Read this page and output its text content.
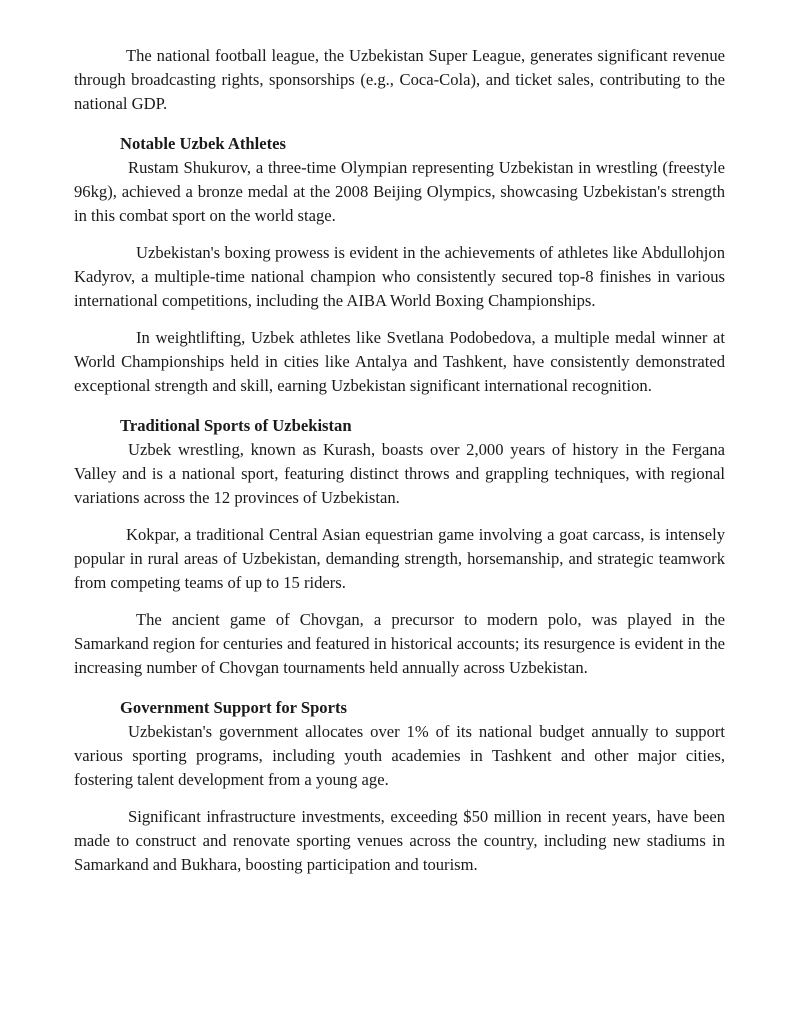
The national football league, the Uzbekistan Super League, generates significant revenue through broadcasting rights, sponsorships (e.g., Coca-Cola), and ticket sales, contributing to the national GDP.

Notable Uzbek Athletes

Rustam Shukurov, a three-time Olympian representing Uzbekistan in wrestling (freestyle 96kg), achieved a bronze medal at the 2008 Beijing Olympics, showcasing Uzbekistan's strength in this combat sport on the world stage.

Uzbekistan's boxing prowess is evident in the achievements of athletes like Abdullohjon Kadyrov, a multiple-time national champion who consistently secured top-8 finishes in various international competitions, including the AIBA World Boxing Championships.

In weightlifting, Uzbek athletes like Svetlana Podobedova, a multiple medal winner at World Championships held in cities like Antalya and Tashkent, have consistently demonstrated exceptional strength and skill, earning Uzbekistan significant international recognition.

Traditional Sports of Uzbekistan

Uzbek wrestling, known as Kurash, boasts over 2,000 years of history in the Fergana Valley and is a national sport, featuring distinct throws and grappling techniques, with regional variations across the 12 provinces of Uzbekistan.

Kokpar, a traditional Central Asian equestrian game involving a goat carcass, is intensely popular in rural areas of Uzbekistan, demanding strength, horsemanship, and strategic teamwork from competing teams of up to 15 riders.

The ancient game of Chovgan, a precursor to modern polo, was played in the Samarkand region for centuries and featured in historical accounts; its resurgence is evident in the increasing number of Chovgan tournaments held annually across Uzbekistan.

Government Support for Sports

Uzbekistan's government allocates over 1% of its national budget annually to support various sporting programs, including youth academies in Tashkent and other major cities, fostering talent development from a young age.

Significant infrastructure investments, exceeding $50 million in recent years, have been made to construct and renovate sporting venues across the country, including new stadiums in Samarkand and Bukhara, boosting participation and tourism.
